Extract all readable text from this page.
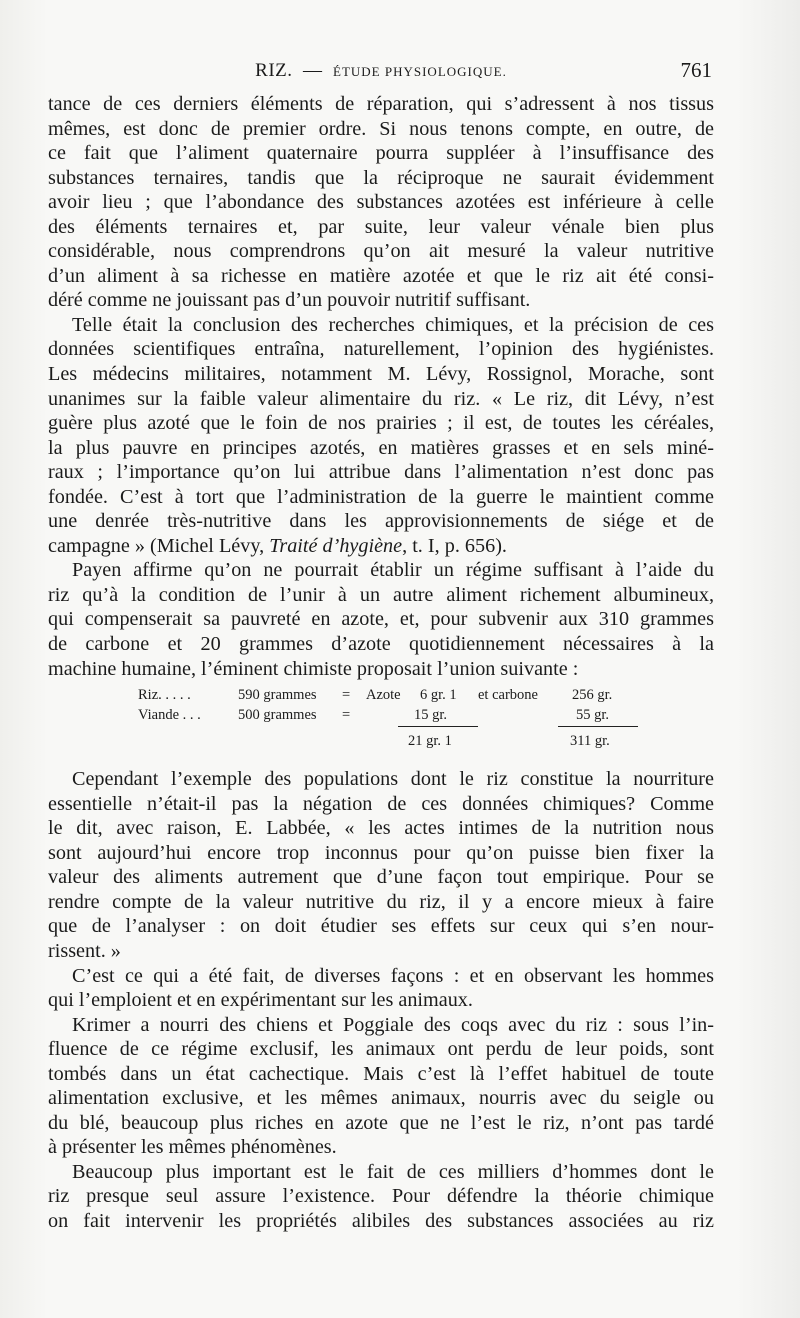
RIZ. — ÉTUDE PHYSIOLOGIQUE.	761

tance de ces derniers éléments de réparation, qui s’adressent à nos tissus
mêmes, est donc de premier ordre. Si nous tenons compte, en outre, de
ce fait que l’aliment quaternaire pourra suppléer à l’insuffisance des
substances ternaires, tandis que la réciproque ne saurait évidemment
avoir lieu ; que l’abondance des substances azotées est inférieure à celle
des éléments ternaires et, par suite, leur valeur vénale bien plus
considérable, nous comprendrons qu’on ait mesuré la valeur nutritive
d’un aliment à sa richesse en matière azotée et que le riz ait été consi-
déré comme ne jouissant pas d’un pouvoir nutritif suffisant.

Telle était la conclusion des recherches chimiques, et la précision de ces
données scientifiques entraîna, naturellement, l’opinion des hygiénistes.
Les médecins militaires, notamment M. Lévy, Rossignol, Morache, sont
unanimes sur la faible valeur alimentaire du riz. « Le riz, dit Lévy, n’est
guère plus azoté que le foin de nos prairies ; il est, de toutes les céréales,
la plus pauvre en principes azotés, en matières grasses et en sels miné-
raux ; l’importance qu’on lui attribue dans l’alimentation n’est donc pas
fondée. C’est à tort que l’administration de la guerre le maintient comme
une denrée très-nutritive dans les approvisionnements de siége et de
campagne » (Michel Lévy, Traité d’hygiène, t. I, p. 656).

Payen affirme qu’on ne pourrait établir un régime suffisant à l’aide du
riz qu’à la condition de l’unir à un autre aliment richement albumineux,
qui compenserait sa pauvreté en azote, et, pour subvenir aux 310 grammes
de carbone et 20 grammes d’azote quotidiennement nécessaires à la
machine humaine, l’éminent chimiste proposait l’union suivante :

Riz. . . . .	590 grammes = Azote 6 gr. 1 et carbone 256 gr.
Viande . . .	500 grammes =	15 gr.	55 gr.
21 gr. 1	311 gr.

Cependant l’exemple des populations dont le riz constitue la nourriture
essentielle n’était-il pas la négation de ces données chimiques? Comme
le dit, avec raison, E. Labbée, « les actes intimes de la nutrition nous
sont aujourd’hui encore trop inconnus pour qu’on puisse bien fixer la
valeur des aliments autrement que d’une façon tout empirique. Pour se
rendre compte de la valeur nutritive du riz, il y a encore mieux à faire
que de l’analyser : on doit étudier ses effets sur ceux qui s’en nour-
rissent. »

C’est ce qui a été fait, de diverses façons : et en observant les hommes
qui l’emploient et en expérimentant sur les animaux.

Krimer a nourri des chiens et Poggiale des coqs avec du riz : sous l’in-
fluence de ce régime exclusif, les animaux ont perdu de leur poids, sont
tombés dans un état cachectique. Mais c’est là l’effet habituel de toute
alimentation exclusive, et les mêmes animaux, nourris avec du seigle ou
du blé, beaucoup plus riches en azote que ne l’est le riz, n’ont pas tardé
à présenter les mêmes phénomènes.

Beaucoup plus important est le fait de ces milliers d’hommes dont le
riz presque seul assure l’existence. Pour défendre la théorie chimique
on fait intervenir les propriétés alibiles des substances associées au riz
